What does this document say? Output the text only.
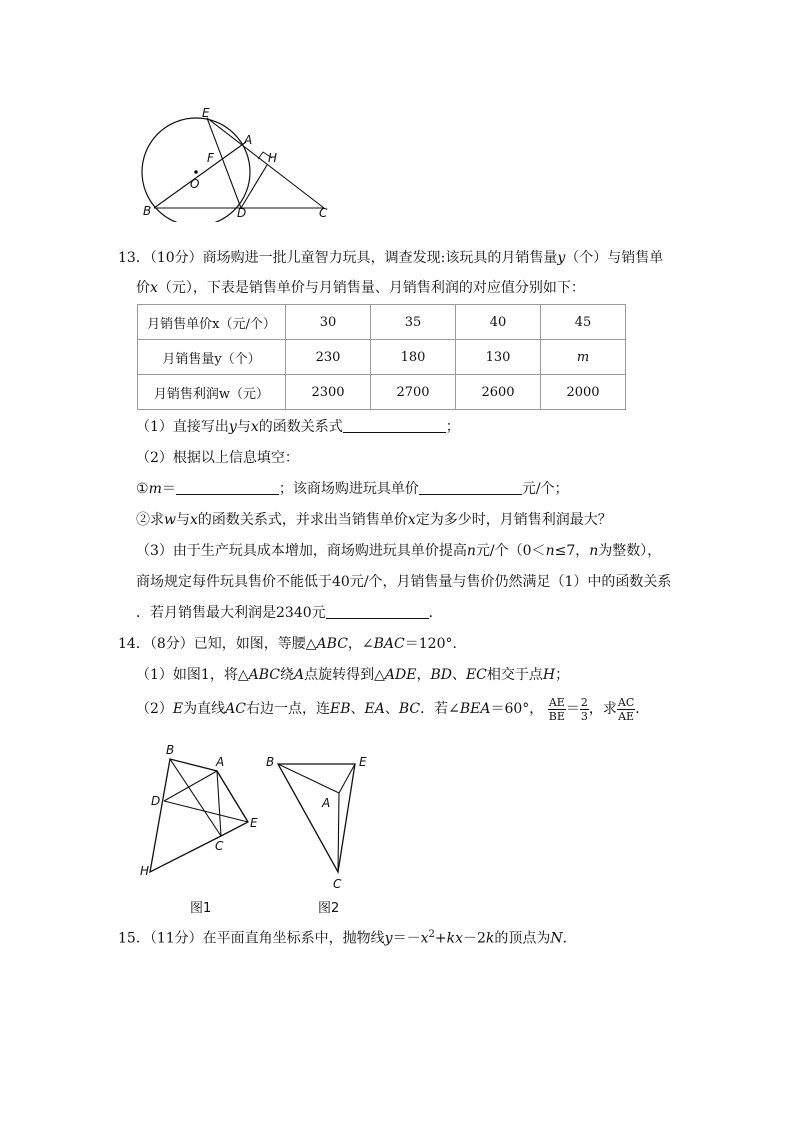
E
A
H
F
O
B	D	C
13．（10分）商场购进一批儿童智力玩具，调查发现:该玩具的月销售量y（个）与销售单
价x（元），下表是销售单价与月销售量、月销售利润的对应值分别如下：
月销售单价x（元/个）	30	35	40	45
月销售量y（个）	230	180	130	m
月销售利润w（元）	2300	2700	2600	2000
（1）直接写出y与x的函数关系式	；
（2）根据以上信息填空：
①m＝	；该商场购进玩具单价	元/个；
②求w与x的函数关系式，并求出当销售单价x定为多少时，月销售利润最大？
（3）由于生产玩具成本增加，商场购进玩具单价提高n元/个（0＜n≤7，n为整数），
商场规定每件玩具售价不能低于40元/个，月销售量与售价仍然满足（1）中的函数关系
．若月销售最大利润是2340元	．
14．（8分）已知，如图，等腰△ABC，∠BAC＝120°．
（1）如图1，将△ABC绕A点旋转得到△ADE，BD、EC相交于点H；
（2）E为直线AC右边一点，连EB、EA、BC．若∠BEA＝60°， $\frac{AE}{BE} = \frac{2}{3}$ ，求 $\frac{AC}{AE}$ ．
B
A
D
E
C
H
图1
B	E
A
C
图2
15．（11分）在平面直角坐标系中，抛物线$y=-x^2+kx-2k$的顶点为N．
